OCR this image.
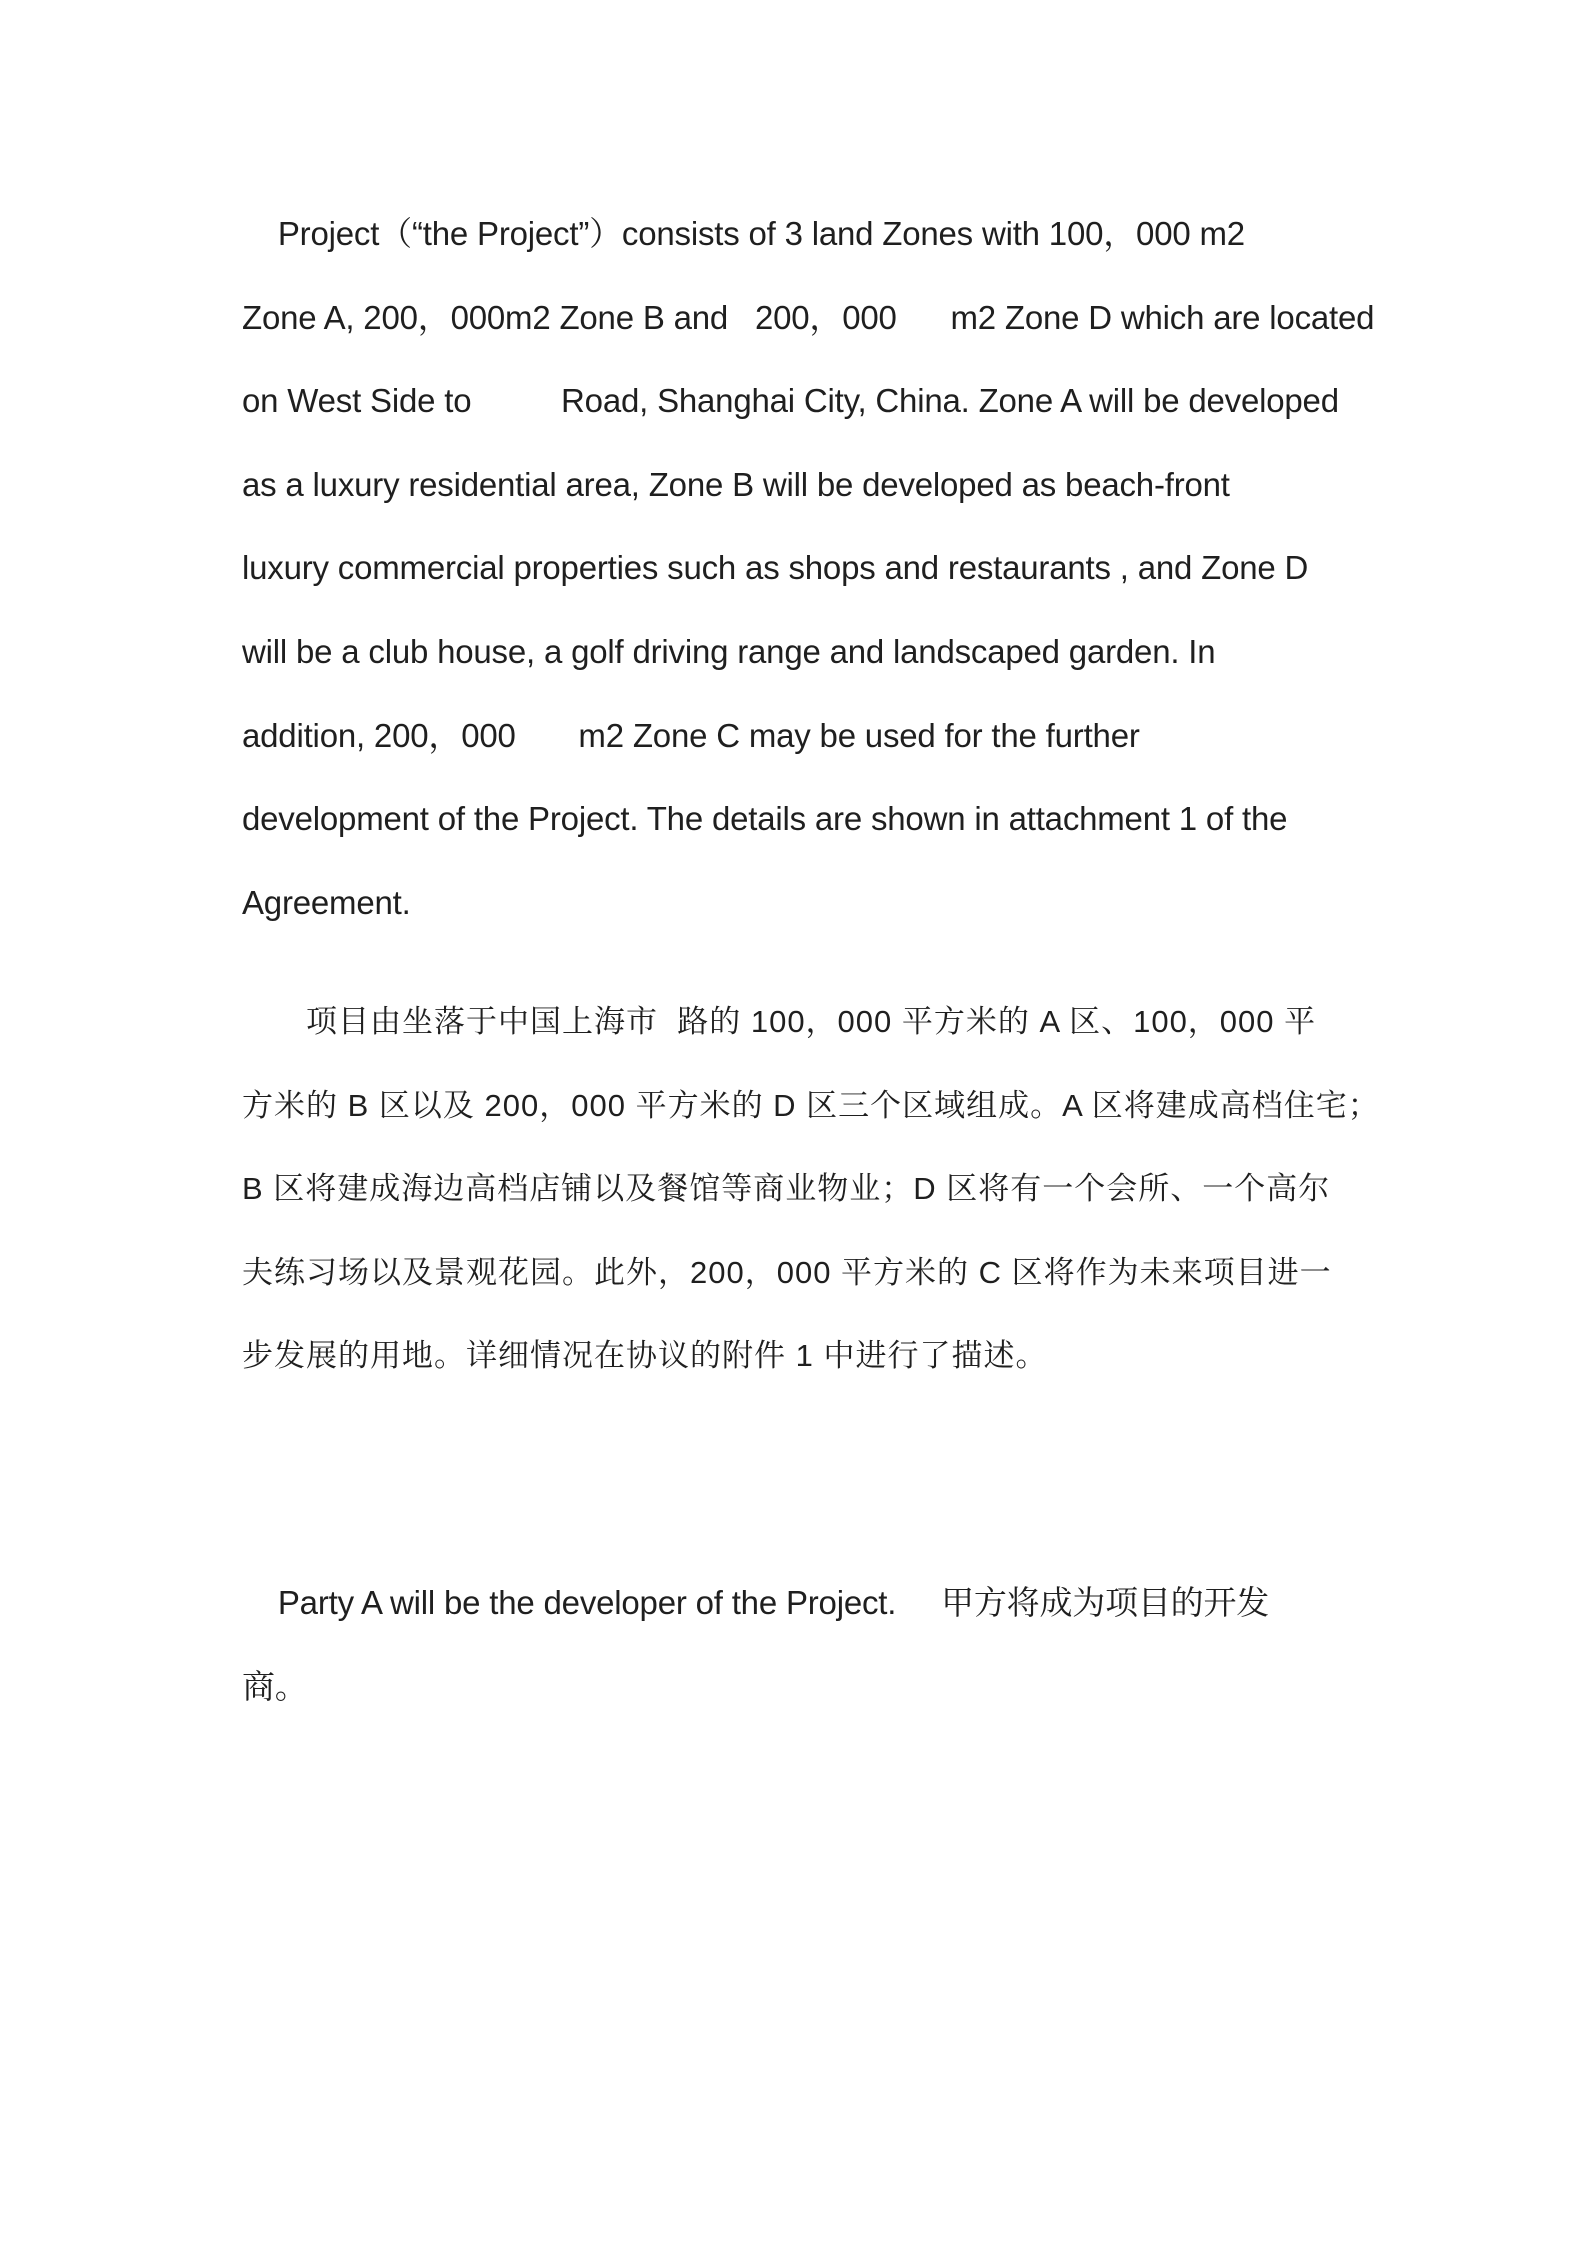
Project（“the Project”）consists of 3 land Zones with 100，000 m2
Zone A, 200，000m2 Zone B and   200，000      m2 Zone D which are located
on West Side to          Road, Shanghai City, China. Zone A will be developed
as a luxury residential area, Zone B will be developed as beach-front
luxury commercial properties such as shops and restaurants , and Zone D
will be a club house, a golf driving range and landscaped garden. In
addition, 200，000       m2 Zone C may be used for the further
development of the Project. The details are shown in attachment 1 of the
Agreement.

　　项目由坐落于中国上海市  路的 100，000 平方米的 A 区、100，000 平
方米的 B 区以及 200，000 平方米的 D 区三个区域组成。A 区将建成高档住宅；
B 区将建成海边高档店铺以及餐馆等商业物业；D 区将有一个会所、一个高尔
夫练习场以及景观花园。此外，200，000 平方米的 C 区将作为未来项目进一
步发展的用地。详细情况在协议的附件 1 中进行了描述。

Party A will be the developer of the Project.     甲方将成为项目的开发
商。
